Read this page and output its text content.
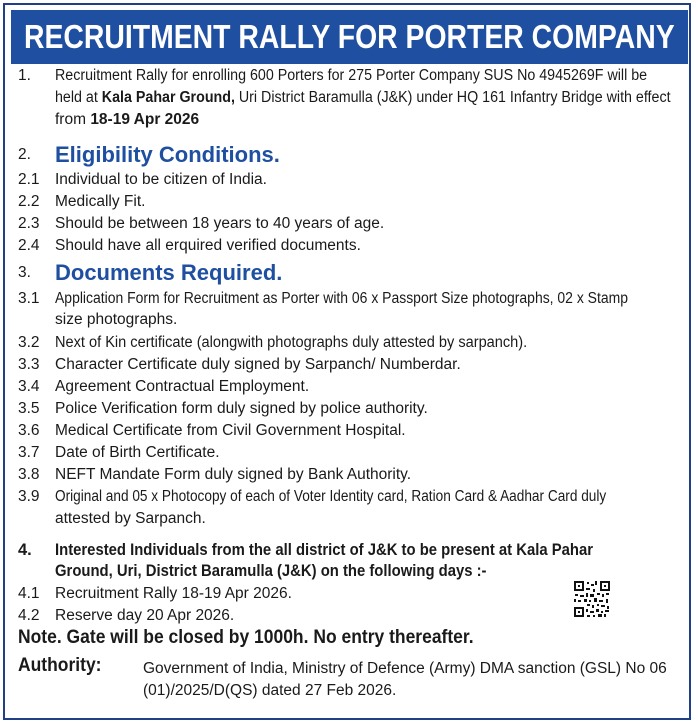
RECRUITMENT RALLY FOR PORTER COMPANY
1. Recruitment Rally for enrolling 600 Porters for 275 Porter Company SUS No 4945269F will be
held at Kala Pahar Ground, Uri District Baramulla (J&K) under HQ 161 Infantry Bridge with effect
from 18-19 Apr 2026
2. Eligibility Conditions.
2.1 Individual to be citizen of India.
2.2 Medically Fit.
2.3 Should be between 18 years to 40 years of age.
2.4 Should have all erquired verified documents.
3. Documents Required.
3.1 Application Form for Recruitment as Porter with 06 x Passport Size photographs, 02 x Stamp
size photographs.
3.2 Next of Kin certificate (alongwith photographs duly attested by sarpanch).
3.3 Character Certificate duly signed by Sarpanch/ Numberdar.
3.4 Agreement Contractual Employment.
3.5 Police Verification form duly signed by police authority.
3.6 Medical Certificate from Civil Government Hospital.
3.7 Date of Birth Certificate.
3.8 NEFT Mandate Form duly signed by Bank Authority.
3.9 Original and 05 x Photocopy of each of Voter Identity card, Ration Card & Aadhar Card duly
attested by Sarpanch.
4. Interested Individuals from the all district of J&K to be present at Kala Pahar
Ground, Uri, District Baramulla (J&K) on the following days :-
4.1 Recruitment Rally 18-19 Apr 2026.
4.2 Reserve day 20 Apr 2026.
Note. Gate will be closed by 1000h. No entry thereafter.
Authority:	Government of India, Ministry of Defence (Army) DMA sanction (GSL) No 06
(01)/2025/D(QS) dated 27 Feb 2026.
